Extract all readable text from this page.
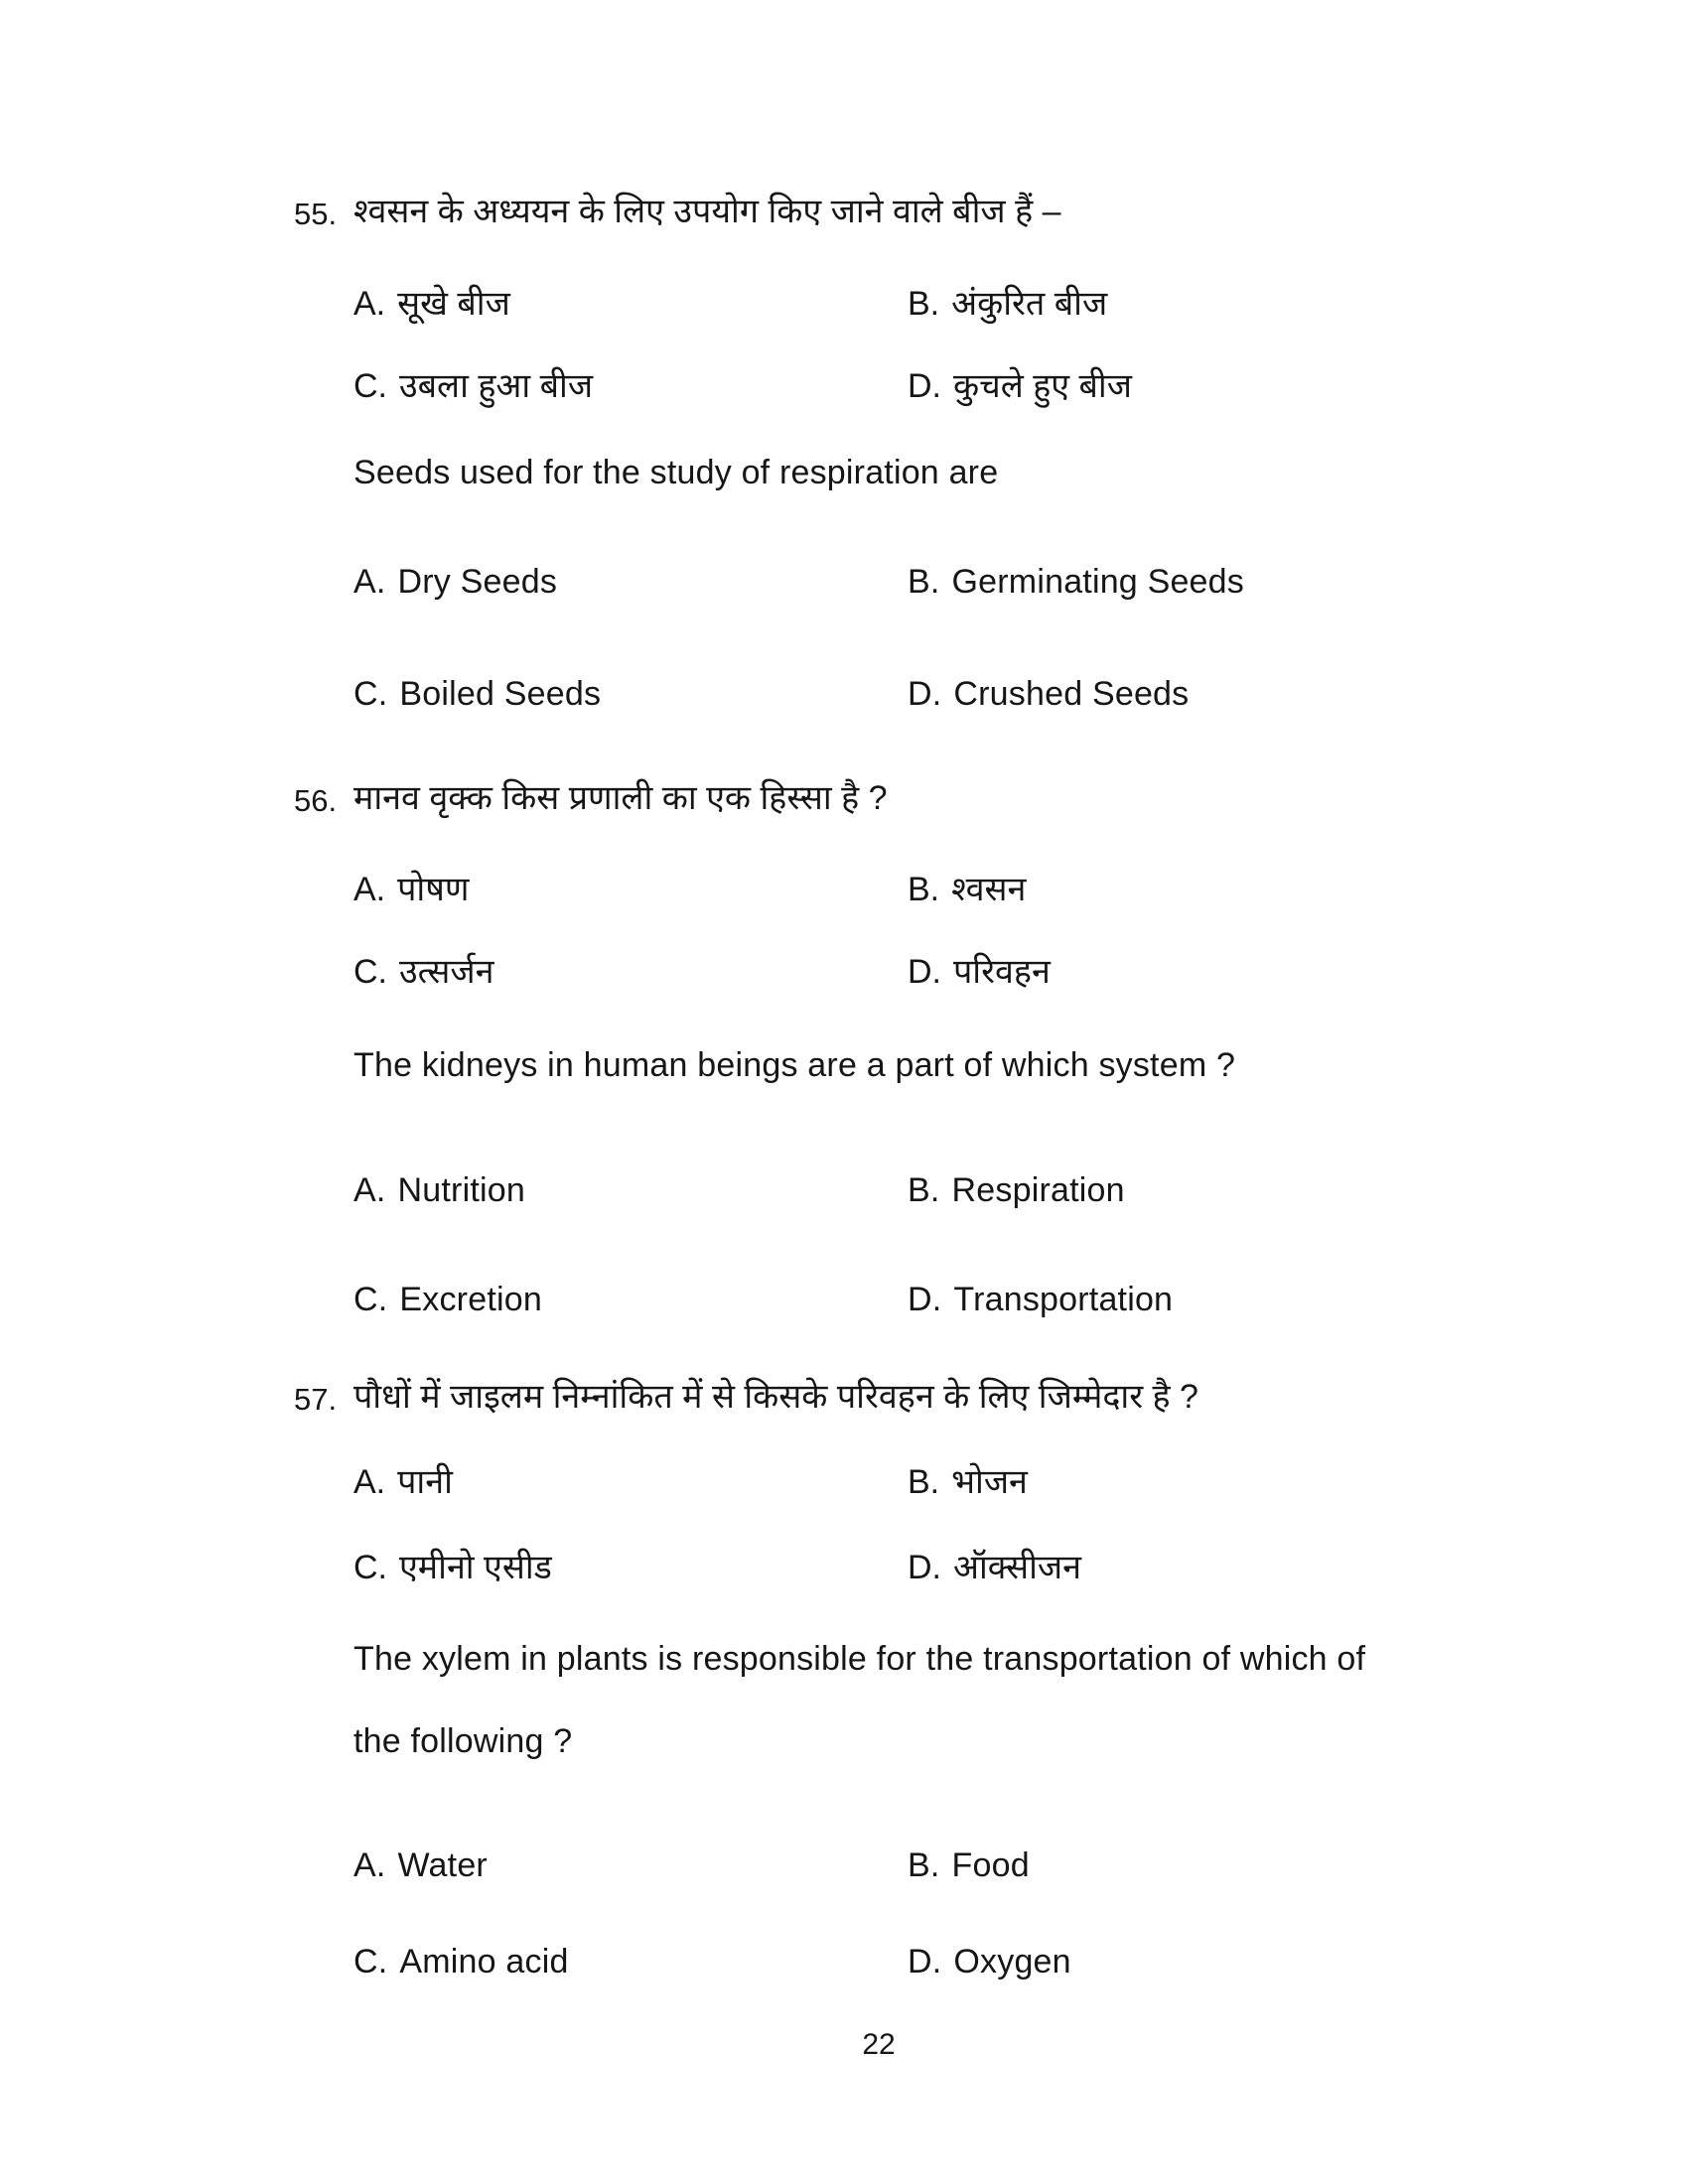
55. श्वसन के अध्ययन के लिए उपयोग किए जाने वाले बीज हैं –
A. सूखे बीज	B. अंकुरित बीज
C. उबला हुआ बीज	D. कुचले हुए बीज
Seeds used for the study of respiration are
A. Dry Seeds	B. Germinating Seeds
C. Boiled Seeds	D. Crushed Seeds
56. मानव वृक्क किस प्रणाली का एक हिस्सा है ?
A. पोषण	B. श्वसन
C. उत्सर्जन	D. परिवहन
The kidneys in human beings are a part of which system ?
A. Nutrition	B. Respiration
C. Excretion	D. Transportation
57. पौधों में जाइलम निम्नांकित में से किसके परिवहन के लिए जिम्मेदार है ?
A. पानी	B. भोजन
C. एमीनो एसीड	D. ऑक्सीजन
The xylem in plants is responsible for the transportation of which of
the following ?
A. Water	B. Food
C. Amino acid	D. Oxygen
22
